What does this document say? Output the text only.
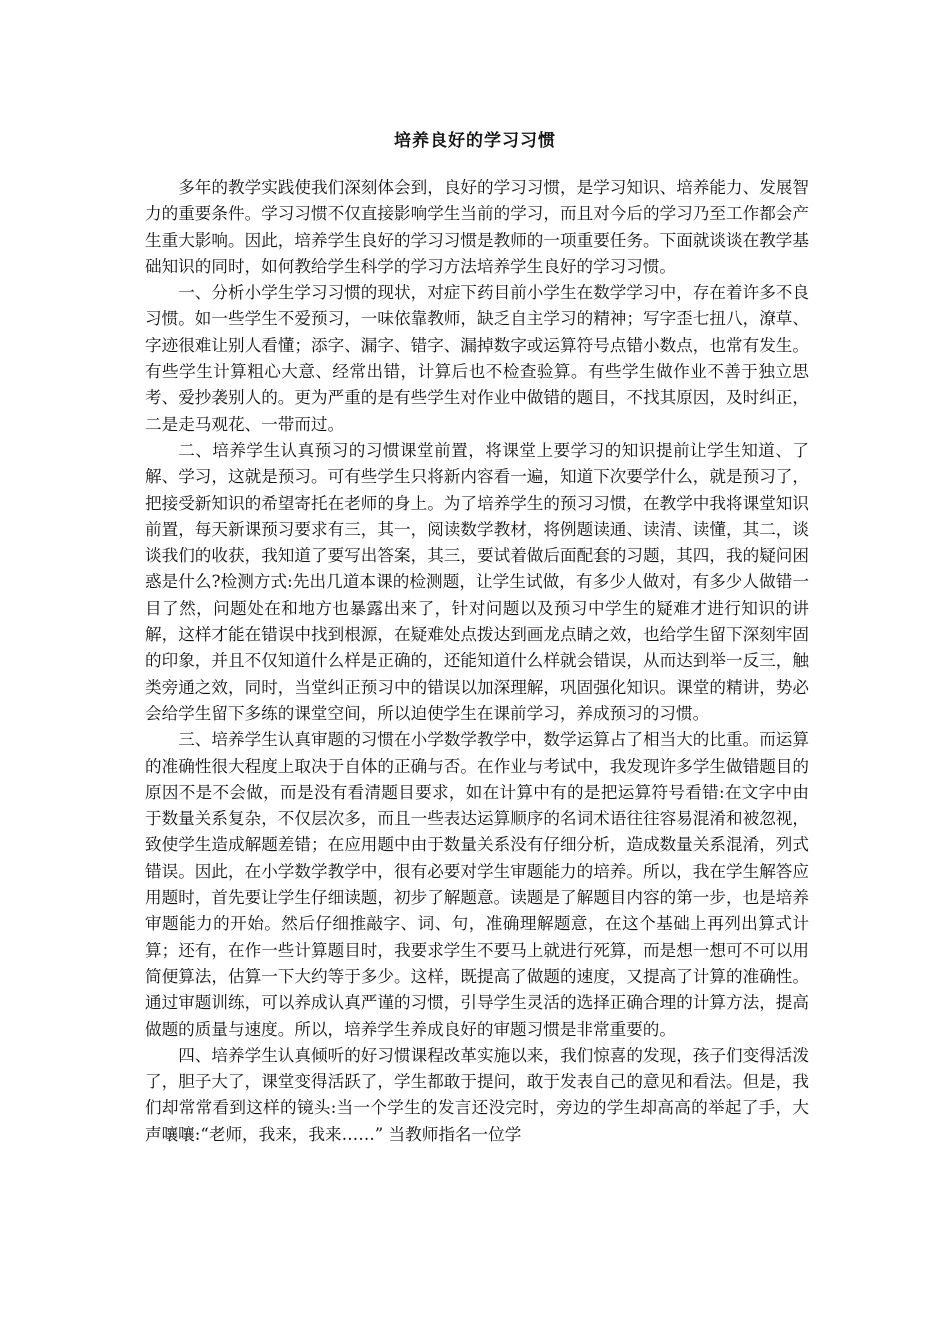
培养良好的学习习惯

多年的教学实践使我们深刻体会到，良好的学习习惯，是学习知识、培养能力、发展智力的重要条件。学习习惯不仅直接影响学生当前的学习，而且对今后的学习乃至工作都会产生重大影响。因此，培养学生良好的学习习惯是教师的一项重要任务。下面就谈谈在教学基础知识的同时，如何教给学生科学的学习方法培养学生良好的学习习惯。

一、分析小学生学习习惯的现状，对症下药目前小学生在数学学习中，存在着许多不良习惯。如一些学生不爱预习，一味依靠教师，缺乏自主学习的精神；写字歪七扭八，潦草、字迹很难让别人看懂；添字、漏字、错字、漏掉数字或运算符号点错小数点，也常有发生。有些学生计算粗心大意、经常出错，计算后也不检查验算。有些学生做作业不善于独立思考、爱抄袭别人的。更为严重的是有些学生对作业中做错的题目，不找其原因，及时纠正，二是走马观花、一带而过。

二、培养学生认真预习的习惯课堂前置，将课堂上要学习的知识提前让学生知道、了解、学习，这就是预习。可有些学生只将新内容看一遍，知道下次要学什么，就是预习了，把接受新知识的希望寄托在老师的身上。为了培养学生的预习习惯，在教学中我将课堂知识前置，每天新课预习要求有三，其一，阅读数学教材，将例题读通、读清、读懂，其二，谈谈我们的收获，我知道了要写出答案，其三，要试着做后面配套的习题，其四，我的疑问困惑是什么?检测方式:先出几道本课的检测题，让学生试做，有多少人做对，有多少人做错一目了然，问题处在和地方也暴露出来了，针对问题以及预习中学生的疑难才进行知识的讲解，这样才能在错误中找到根源，在疑难处点拨达到画龙点睛之效，也给学生留下深刻牢固的印象，并且不仅知道什么样是正确的，还能知道什么样就会错误，从而达到举一反三，触类旁通之效，同时，当堂纠正预习中的错误以加深理解，巩固强化知识。课堂的精讲，势必会给学生留下多练的课堂空间，所以迫使学生在课前学习，养成预习的习惯。

三、培养学生认真审题的习惯在小学数学教学中，数学运算占了相当大的比重。而运算的准确性很大程度上取决于自体的正确与否。在作业与考试中，我发现许多学生做错题目的原因不是不会做，而是没有看清题目要求，如在计算中有的是把运算符号看错:在文字中由于数量关系复杂，不仅层次多，而且一些表达运算顺序的名词术语往往容易混淆和被忽视，致使学生造成解题差错；在应用题中由于数量关系没有仔细分析，造成数量关系混淆，列式错误。因此，在小学数学教学中，很有必要对学生审题能力的培养。所以，我在学生解答应用题时，首先要让学生仔细读题，初步了解题意。读题是了解题目内容的第一步，也是培养审题能力的开始。然后仔细推敲字、词、句，准确理解题意，在这个基础上再列出算式计算；还有，在作一些计算题目时，我要求学生不要马上就进行死算，而是想一想可不可以用简便算法，估算一下大约等于多少。这样，既提高了做题的速度，又提高了计算的准确性。通过审题训练，可以养成认真严谨的习惯，引导学生灵活的选择正确合理的计算方法，提高做题的质量与速度。所以，培养学生养成良好的审题习惯是非常重要的。

四、培养学生认真倾听的好习惯课程改革实施以来，我们惊喜的发现，孩子们变得活泼了，胆子大了，课堂变得活跃了，学生都敢于提问，敢于发表自己的意见和看法。但是，我们却常常看到这样的镜头:当一个学生的发言还没完时，旁边的学生却高高的举起了手，大声嚷嚷:“老师，我来，我来……” 当教师指名一位学
